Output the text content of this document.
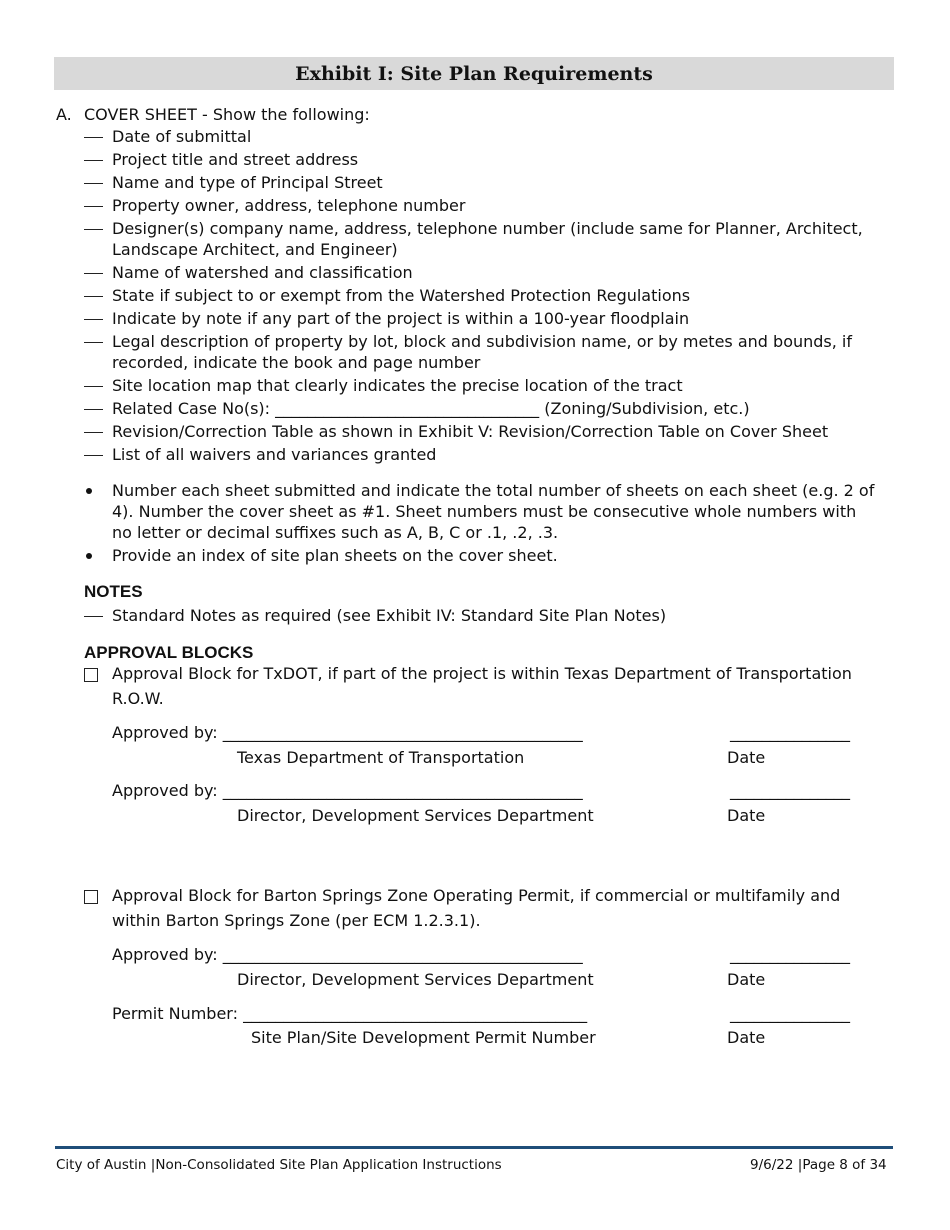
Exhibit I: Site Plan Requirements
A. COVER SHEET - Show the following:
Date of submittal
Project title and street address
Name and type of Principal Street
Property owner, address, telephone number
Designer(s) company name, address, telephone number (include same for Planner, Architect,
Landscape Architect, and Engineer)
Name of watershed and classification
State if subject to or exempt from the Watershed Protection Regulations
Indicate by note if any part of the project is within a 100-year floodplain
Legal description of property by lot, block and subdivision name, or by metes and bounds, if
recorded, indicate the book and page number
Site location map that clearly indicates the precise location of the tract
Related Case No(s): _________________________________ (Zoning/Subdivision, etc.)
Revision/Correction Table as shown in Exhibit V: Revision/Correction Table on Cover Sheet
List of all waivers and variances granted
Number each sheet submitted and indicate the total number of sheets on each sheet (e.g. 2 of
4). Number the cover sheet as #1. Sheet numbers must be consecutive whole numbers with
no letter or decimal suffixes such as A, B, C or .1, .2, .3.
Provide an index of site plan sheets on the cover sheet.
NOTES
Standard Notes as required (see Exhibit IV: Standard Site Plan Notes)
APPROVAL BLOCKS
Approval Block for TxDOT, if part of the project is within Texas Department of Transportation
R.O.W.
Approved by: _____________________________________________	_______________
Texas Department of Transportation	Date
Approved by: _____________________________________________	_______________
Director, Development Services Department	Date
Approval Block for Barton Springs Zone Operating Permit, if commercial or multifamily and
within Barton Springs Zone (per ECM 1.2.3.1).
Approved by: _____________________________________________	_______________
Director, Development Services Department	Date
Permit Number: ___________________________________________	_______________
Site Plan/Site Development Permit Number	Date
City of Austin |Non-Consolidated Site Plan Application Instructions	9/6/22 |Page 8 of 34
